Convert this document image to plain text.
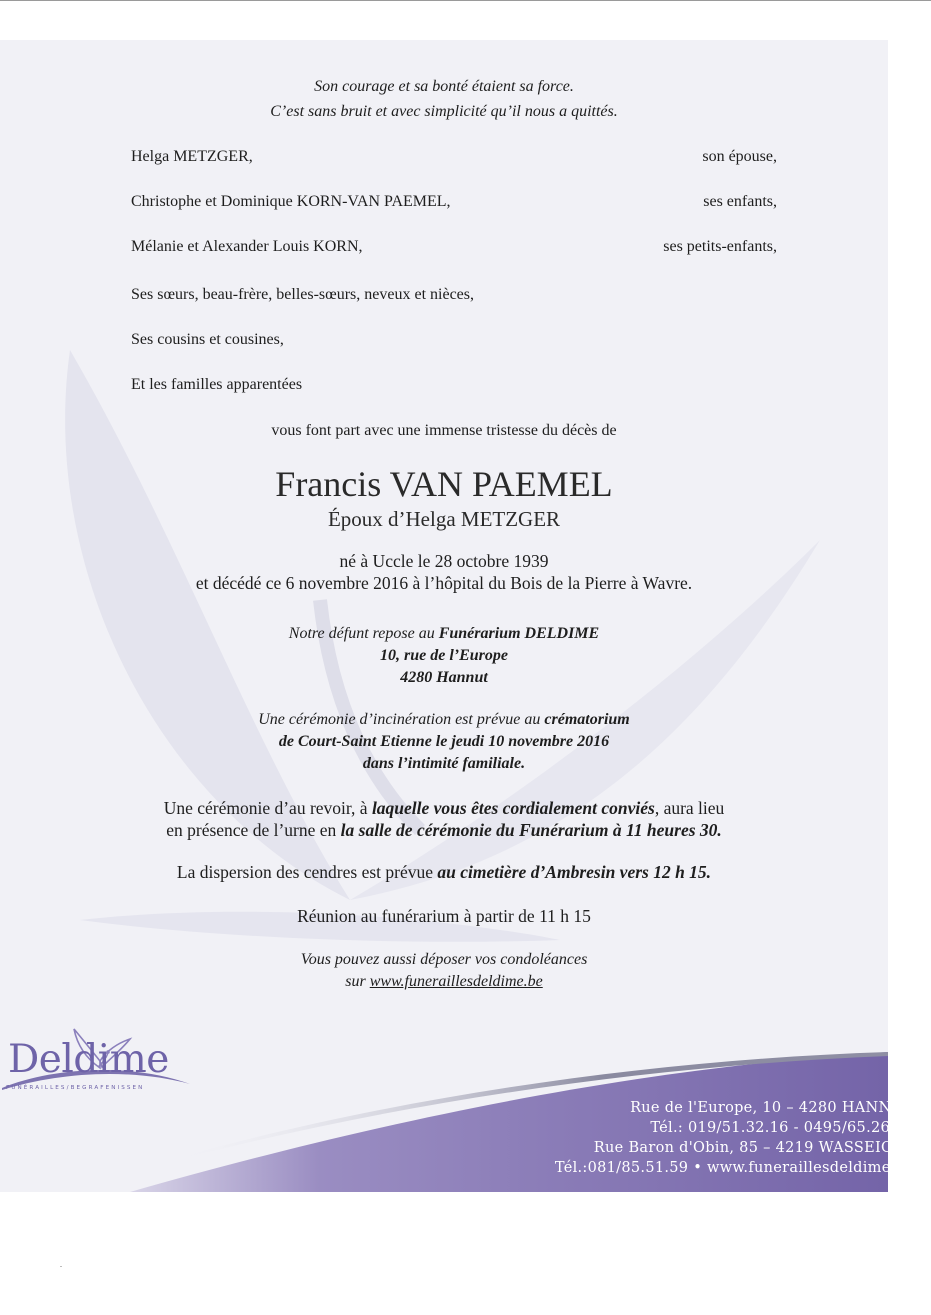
Son courage et sa bonté étaient sa force.
C’est sans bruit et avec simplicité qu’il nous a quittés.
Helga METZGER,	son épouse,
Christophe et Dominique KORN-VAN PAEMEL,	ses enfants,
Mélanie et Alexander Louis KORN,	ses petits-enfants,
Ses sœurs, beau-frère, belles-sœurs, neveux et nièces,
Ses cousins et cousines,
Et les familles apparentées
vous font part avec une immense tristesse du décès de
Francis VAN PAEMEL
Époux d’Helga METZGER
né à Uccle le 28 octobre 1939
et décédé ce 6 novembre 2016 à l’hôpital du Bois de la Pierre à Wavre.
Notre défunt repose au Funérarium DELDIME
10, rue de l’Europe
4280 Hannut
Une cérémonie d’incinération est prévue au crématorium
de Court-Saint Etienne le jeudi 10 novembre 2016
dans l’intimité familiale.
Une cérémonie d’au revoir, à laquelle vous êtes cordialement conviés, aura lieu
en présence de l’urne en la salle de cérémonie du Funérarium à 11 heures 30.
La dispersion des cendres est prévue au cimetière d’Ambresin vers 12 h 15.
Réunion au funérarium à partir de 11 h 15
Vous pouvez aussi déposer vos condoléances
sur www.funeraillesdeldime.be
Rue de l'Europe, 10 – 4280 HANNUT
Tél.: 019/51.32.16 - 0495/65.26.03
Rue Baron d'Obin, 85 – 4219 WASSEIGES
Tél.:081/85.51.59 • www.funeraillesdeldime.be
Deldime
FUNÉRAILLES/BEGRAFENISSEN
